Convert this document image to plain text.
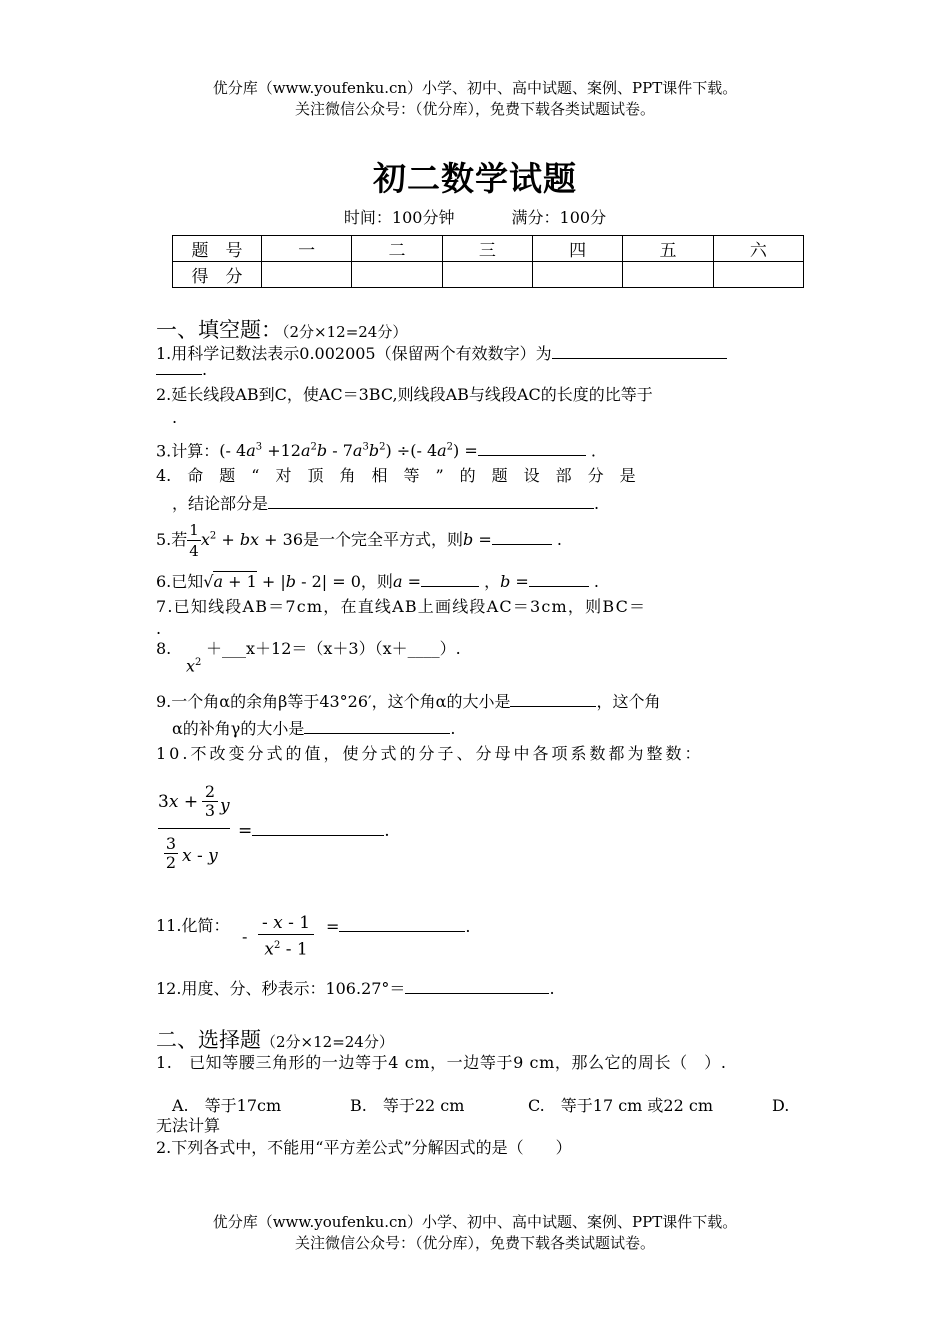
优分库（www.youfenku.cn）小学、初中、高中试题、案例、PPT课件下载。
关注微信公众号：（优分库），免费下载各类试题试卷。
初二数学试题
时间：100分钟	满分：100分
题　号	一	二	三	四	五	六
得　分						
一、填空题：（2分×12=24分）
1.用科学记数法表示0.002005（保留两个有效数字）为
.
2.延长线段AB到C，使AC＝3BC,则线段AB与线段AC的长度的比等于
.
3.计算：(- $4a^3 +12a^2b - 7a^3b^2$) ÷(- $4a^2$) =	.
4.　命　题　“　对　顶　角　相　等　”　的　题　设　部　分　是
，结论部分是	.
5.若 $\frac{1}{4} x^2$ + bx + 36是一个完全平方式，则b =	.
6.已知√a + 1 + |b - 2| = 0，则a =	，b =	.
7.已知线段AB＝7cm，在直线AB上画线段AC＝3cm，则BC＝
.
8.
$x^2$
＋___x＋12＝（x＋3）（x＋____）.
9.一个角α的余角β等于43°26′，这个角α的大小是	，这个角
α的补角γ的大小是	.
10.不改变分式的值，使分式的分子、分母中各项系数都为整数：
3x +
2
3 y
3
2 x - y
=	.
11.化简：
- $\frac{- x - 1}{x^2 - 1}$ =	.
12.用度、分、秒表示：106.27°＝	.
二、选择题（2分×12=24分）
1.　已知等腰三角形的一边等于4 cm，一边等于9 cm，那么它的周长（　）.
A.　等于17cm	B.　等于22 cm	C.　等于17 cm 或22 cm	D.
无法计算
2.下列各式中，不能用“平方差公式”分解因式的是（　　）
优分库（www.youfenku.cn）小学、初中、高中试题、案例、PPT课件下载。
关注微信公众号：（优分库），免费下载各类试题试卷。
